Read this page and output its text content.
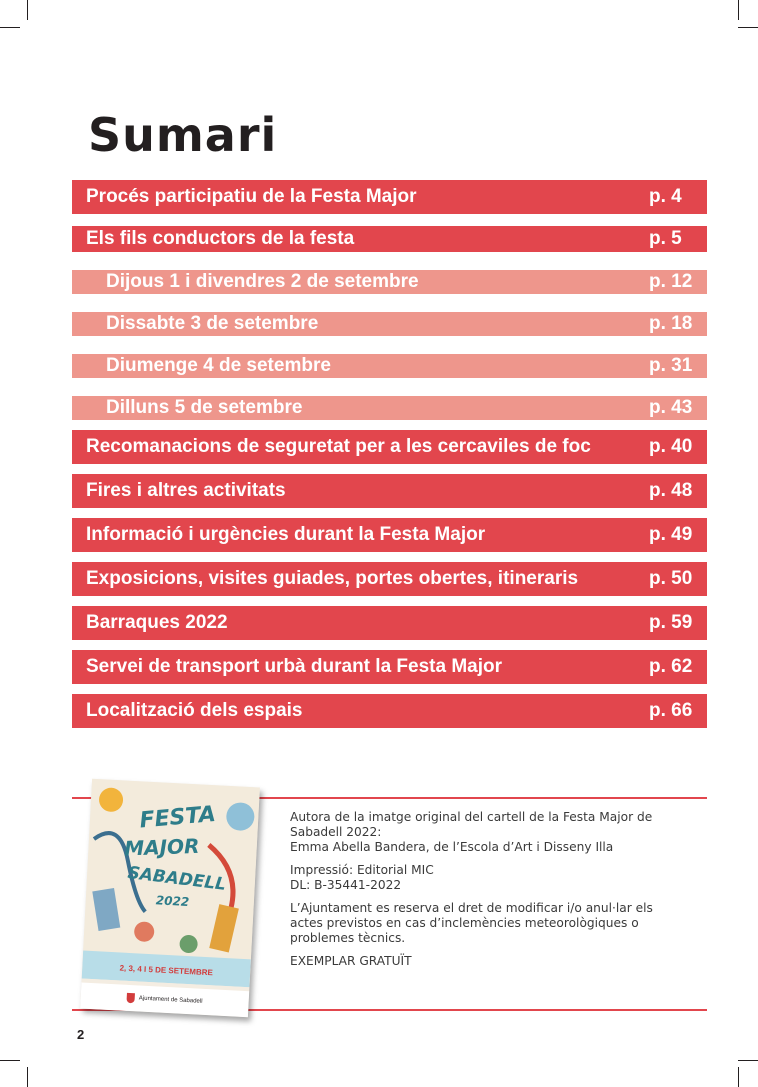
Sumari
Procés participatiu de la Festa Major	p. 4
Els fils conductors de la festa	p. 5
Dijous 1 i divendres 2 de setembre	p. 12
Dissabte 3 de setembre	p. 18
Diumenge 4 de setembre	p. 31
Dilluns 5 de setembre	p. 43
Recomanacions de seguretat per a les cercaviles de foc	p. 40
Fires i altres activitats	p. 48
Informació i urgències durant la Festa Major	p. 49
Exposicions, visites guiades, portes obertes, itineraris	p. 50
Barraques 2022	p. 59
Servei de transport urbà durant la Festa Major	p. 62
Localització dels espais	p. 66
FESTA
MAJOR
SABADELL
2022
2, 3, 4 I 5 DE SETEMBRE
Ajuntament de Sabadell

Autora de la imatge original del cartell de la Festa Major de
Sabadell 2022:
Emma Abella Bandera, de l’Escola d’Art i Disseny Illa

Impressió: Editorial MIC
DL: B-35441-2022

L’Ajuntament es reserva el dret de modificar i/o anul·lar els
actes previstos en cas d’inclemències meteorològiques o
problemes tècnics.

EXEMPLAR GRATUÏT

2
